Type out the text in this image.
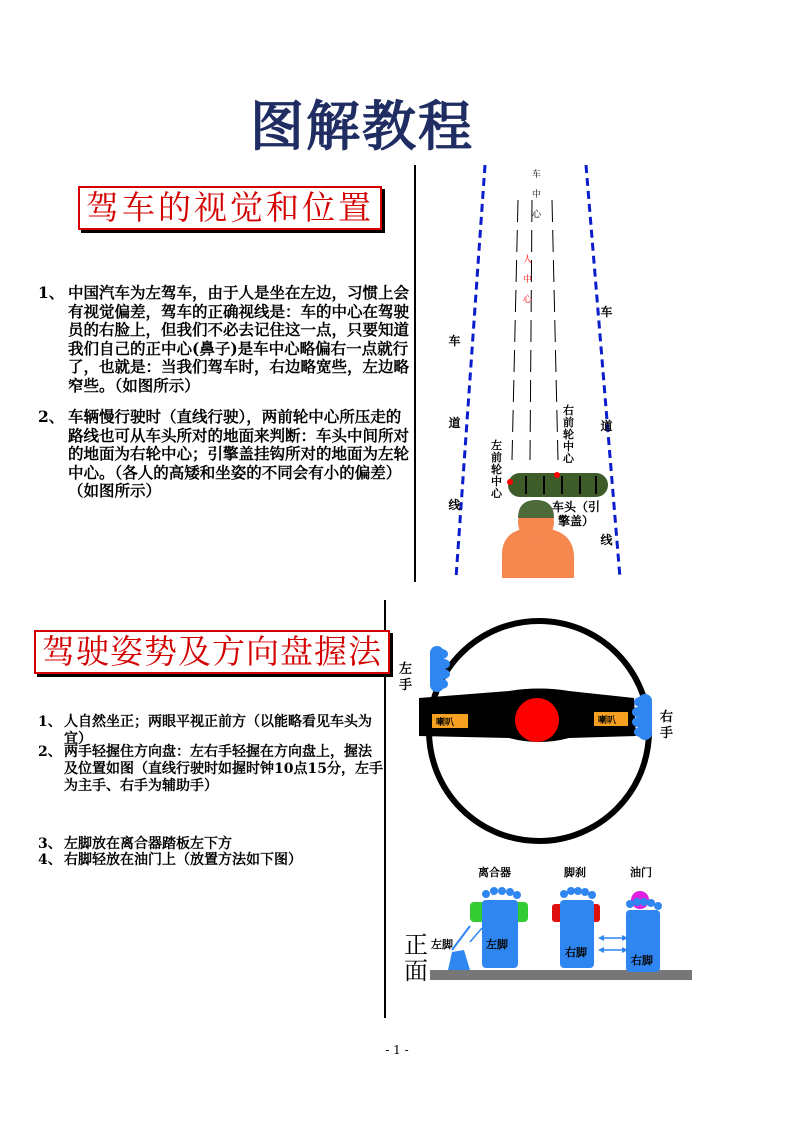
图解教程
驾车的视觉和位置
1、 中国汽车为左驾车，由于人是坐在左边，习惯上会有视觉偏差，驾车的正确视线是：车的中心在驾驶员的右脸上，但我们不必去记住这一点，只要知道我们自己的正中心(鼻子)是车中心略偏右一点就行了，也就是：当我们驾车时，右边略宽些，左边略窄些。（如图所示）
2、 车辆慢行驶时（直线行驶），两前轮中心所压走的路线也可从车头所对的地面来判断：车头中间所对的地面为右轮中心；引擎盖挂钩所对的地面为左轮中心。（各人的高矮和坐姿的不同会有小的偏差）（如图所示）
车中心
人中心
车道线
车道线
右前轮中心
左前轮中心
车头（引擎盖）
驾驶姿势及方向盘握法
1、 人自然坐正；两眼平视正前方（以能略看见车头为宜）
2、 两手轻握住方向盘：左右手轻握在方向盘上，握法及位置如图（直线行驶时如握时钟10点15分，左手为主手、右手为辅助手）
3、 左脚放在离合器踏板左下方
4、 右脚轻放在油门上（放置方法如下图）
喇叭	喇叭
左手
右手
离合器	脚刹	油门
左脚	左脚
右脚
右脚
正面
- 1 -
